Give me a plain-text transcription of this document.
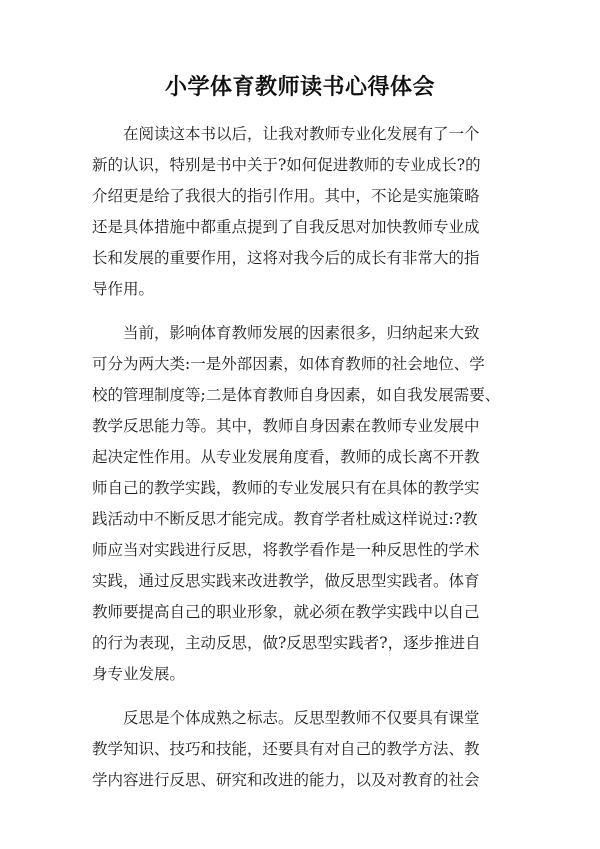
小学体育教师读书心得体会
在阅读这本书以后，让我对教师专业化发展有了一个
新的认识，特别是书中关于?如何促进教师的专业成长?的
介绍更是给了我很大的指引作用。其中，不论是实施策略
还是具体措施中都重点提到了自我反思对加快教师专业成
长和发展的重要作用，这将对我今后的成长有非常大的指
导作用。
当前，影响体育教师发展的因素很多，归纳起来大致
可分为两大类:一是外部因素，如体育教师的社会地位、学
校的管理制度等;二是体育教师自身因素，如自我发展需要、
教学反思能力等。其中，教师自身因素在教师专业发展中
起决定性作用。从专业发展角度看，教师的成长离不开教
师自己的教学实践，教师的专业发展只有在具体的教学实
践活动中不断反思才能完成。教育学者杜威这样说过:?教
师应当对实践进行反思，将教学看作是一种反思性的学术
实践，通过反思实践来改进教学，做反思型实践者。体育
教师要提高自己的职业形象，就必须在教学实践中以自己
的行为表现，主动反思，做?反思型实践者?，逐步推进自
身专业发展。
反思是个体成熟之标志。反思型教师不仅要具有课堂
教学知识、技巧和技能，还要具有对自己的教学方法、教
学内容进行反思、研究和改进的能力，以及对教育的社会
